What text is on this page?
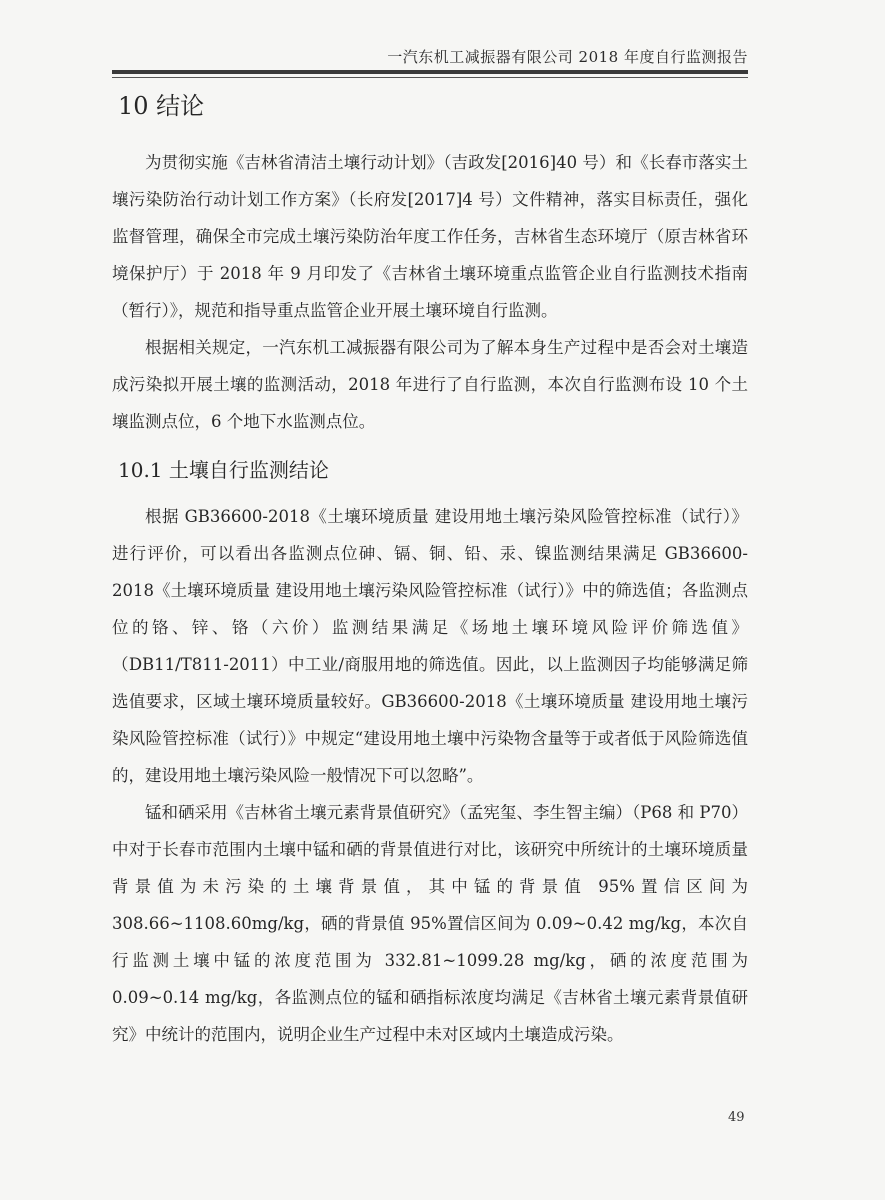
一汽东机工减振器有限公司 2018 年度自行监测报告
10 结论

为贯彻实施《吉林省清洁土壤行动计划》（吉政发[2016]40 号）和《长春市落实土壤污染防治行动计划工作方案》（长府发[2017]4 号）文件精神，落实目标责任，强化监督管理，确保全市完成土壤污染防治年度工作任务，吉林省生态环境厅（原吉林省环境保护厅）于 2018 年 9 月印发了《吉林省土壤环境重点监管企业自行监测技术指南（暂行）》，规范和指导重点监管企业开展土壤环境自行监测。

根据相关规定，一汽东机工减振器有限公司为了解本身生产过程中是否会对土壤造成污染拟开展土壤的监测活动，2018 年进行了自行监测，本次自行监测布设 10 个土壤监测点位，6 个地下水监测点位。

10.1 土壤自行监测结论

根据 GB36600-2018《土壤环境质量 建设用地土壤污染风险管控标准（试行）》进行评价，可以看出各监测点位砷、镉、铜、铅、汞、镍监测结果满足 GB36600-2018《土壤环境质量 建设用地土壤污染风险管控标准（试行）》中的筛选值；各监测点位的铬、锌、铬（六价）监测结果满足《场地土壤环境风险评价筛选值》（DB11/T811-2011）中工业/商服用地的筛选值。因此，以上监测因子均能够满足筛选值要求，区域土壤环境质量较好。GB36600-2018《土壤环境质量 建设用地土壤污染风险管控标准（试行）》中规定“建设用地土壤中污染物含量等于或者低于风险筛选值的，建设用地土壤污染风险一般情况下可以忽略”。

锰和硒采用《吉林省土壤元素背景值研究》（孟宪玺、李生智主编）（P68 和 P70）中对于长春市范围内土壤中锰和硒的背景值进行对比，该研究中所统计的土壤环境质量背景值为未污染的土壤背景值，其中锰的背景值 95%置信区间为 308.66~1108.60mg/kg，硒的背景值 95%置信区间为 0.09~0.42 mg/kg，本次自行监测土壤中锰的浓度范围为 332.81~1099.28 mg/kg，硒的浓度范围为 0.09~0.14 mg/kg，各监测点位的锰和硒指标浓度均满足《吉林省土壤元素背景值研究》中统计的范围内，说明企业生产过程中未对区域内土壤造成污染。

49
